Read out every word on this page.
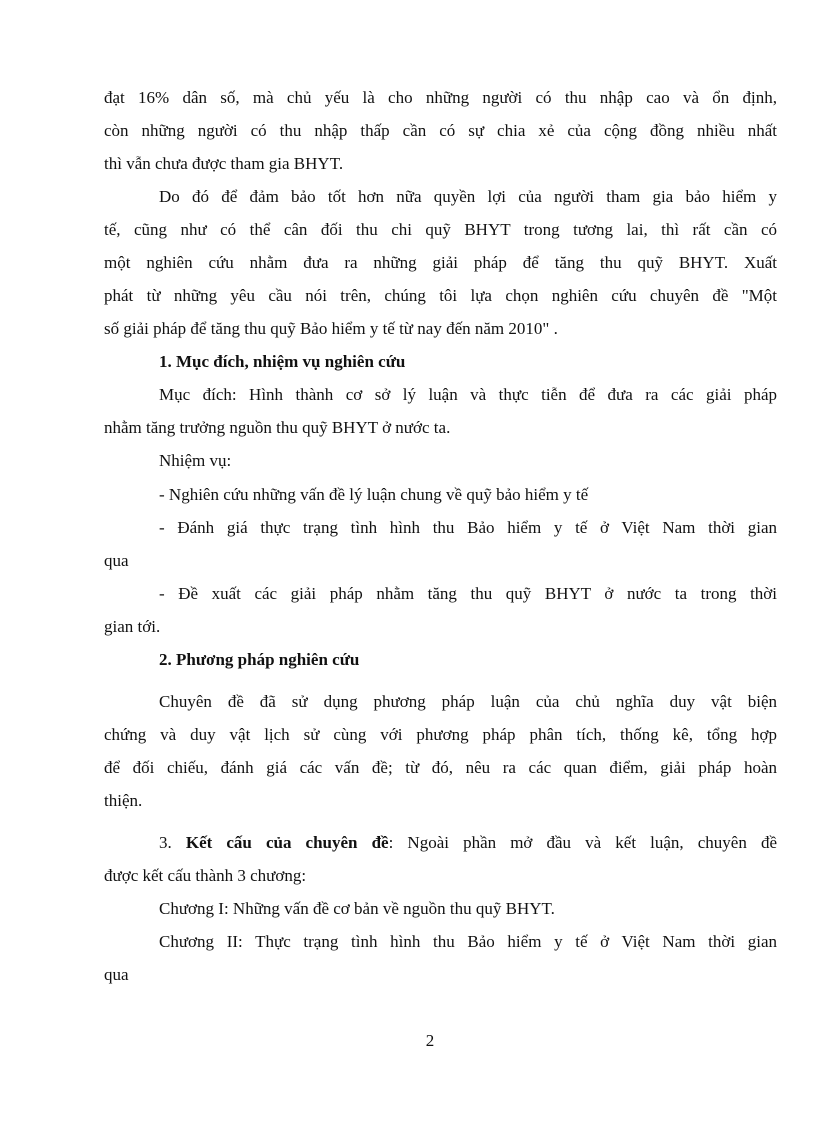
đạt 16% dân số, mà chủ yếu là cho những người có thu nhập cao và ổn định,
còn những người có thu nhập thấp cần có sự chia xẻ của cộng đồng nhiều nhất
thì vẫn chưa được tham gia BHYT.
Do đó để đảm bảo tốt hơn nữa quyền lợi của người tham gia bảo hiểm y
tế, cũng như có thể cân đối thu chi quỹ BHYT trong tương lai, thì rất cần có
một nghiên cứu nhằm đưa ra những giải pháp để tăng thu quỹ BHYT. Xuất
phát từ những yêu cầu nói trên, chúng tôi lựa chọn nghiên cứu chuyên đề "Một
số giải pháp để tăng thu quỹ Bảo hiểm y tế từ nay đến năm 2010" .
1. Mục đích, nhiệm vụ nghiên cứu
Mục đích: Hình thành cơ sở lý luận và thực tiễn để đưa ra các giải pháp
nhằm tăng trưởng nguồn thu quỹ BHYT ở nước ta.
Nhiệm vụ:
- Nghiên cứu những vấn đề lý luận chung về quỹ bảo hiểm y tế
- Đánh giá thực trạng tình hình thu Bảo hiểm y tế ở Việt Nam thời gian
qua
- Đề xuất các giải pháp nhằm tăng thu quỹ BHYT ở nước ta trong thời
gian tới.
2. Phương pháp nghiên cứu
Chuyên đề đã sử dụng phương pháp luận của chủ nghĩa duy vật biện
chứng và duy vật lịch sử cùng với phương pháp phân tích, thống kê, tổng hợp
để đối chiếu, đánh giá các vấn đề; từ đó, nêu ra các quan điểm, giải pháp hoàn
thiện.
3. Kết cấu của chuyên đề: Ngoài phần mở đầu và kết luận, chuyên đề
được kết cấu thành 3 chương:
Chương I: Những vấn đề cơ bản về nguồn thu quỹ BHYT.
Chương II: Thực trạng tình hình thu Bảo hiểm y tế ở Việt Nam thời gian
qua
2
